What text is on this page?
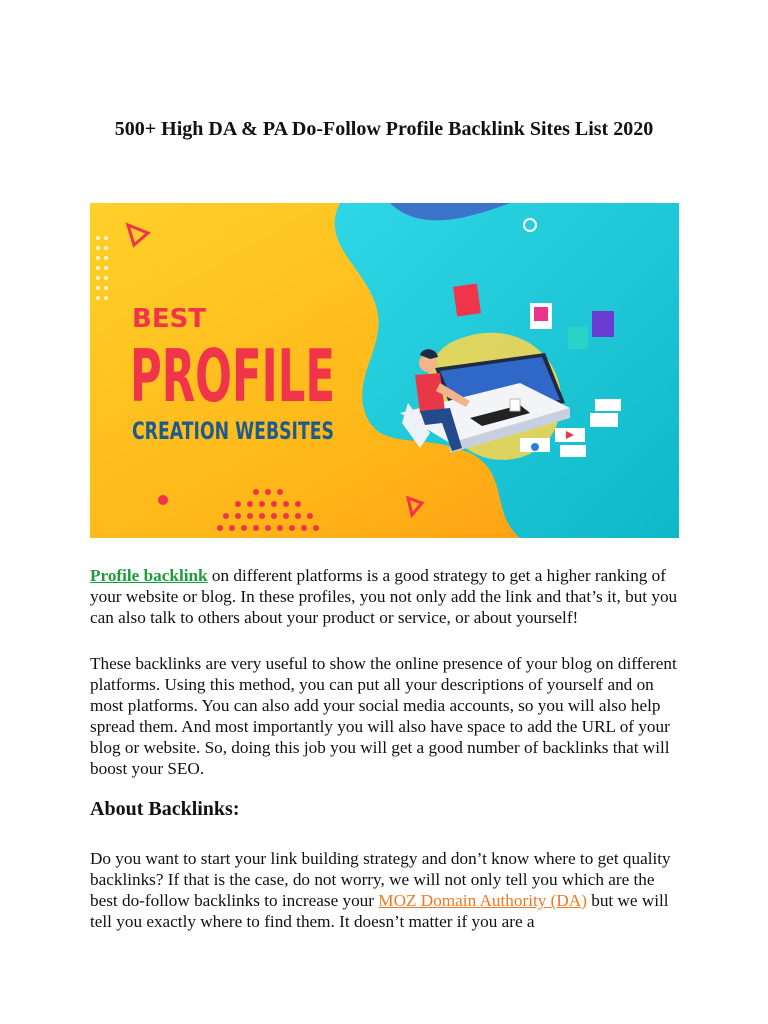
500+ High DA & PA Do-Follow Profile Backlink Sites List 2020
BEST
PROFILE
CREATION WEBSITES

Profile backlink on different platforms is a good strategy to get a higher ranking of your website or blog. In these profiles, you not only add the link and that’s it, but you can also talk to others about your product or service, or about yourself!

These backlinks are very useful to show the online presence of your blog on different platforms. Using this method, you can put all your descriptions of yourself and on most platforms. You can also add your social media accounts, so you will also help spread them. And most importantly you will also have space to add the URL of your blog or website. So, doing this job you will get a good number of backlinks that will boost your SEO.

About Backlinks:

Do you want to start your link building strategy and don’t know where to get quality backlinks? If that is the case, do not worry, we will not only tell you which are the best do-follow backlinks to increase your MOZ Domain Authority (DA) but we will tell you exactly where to find them. It doesn’t matter if you are a
